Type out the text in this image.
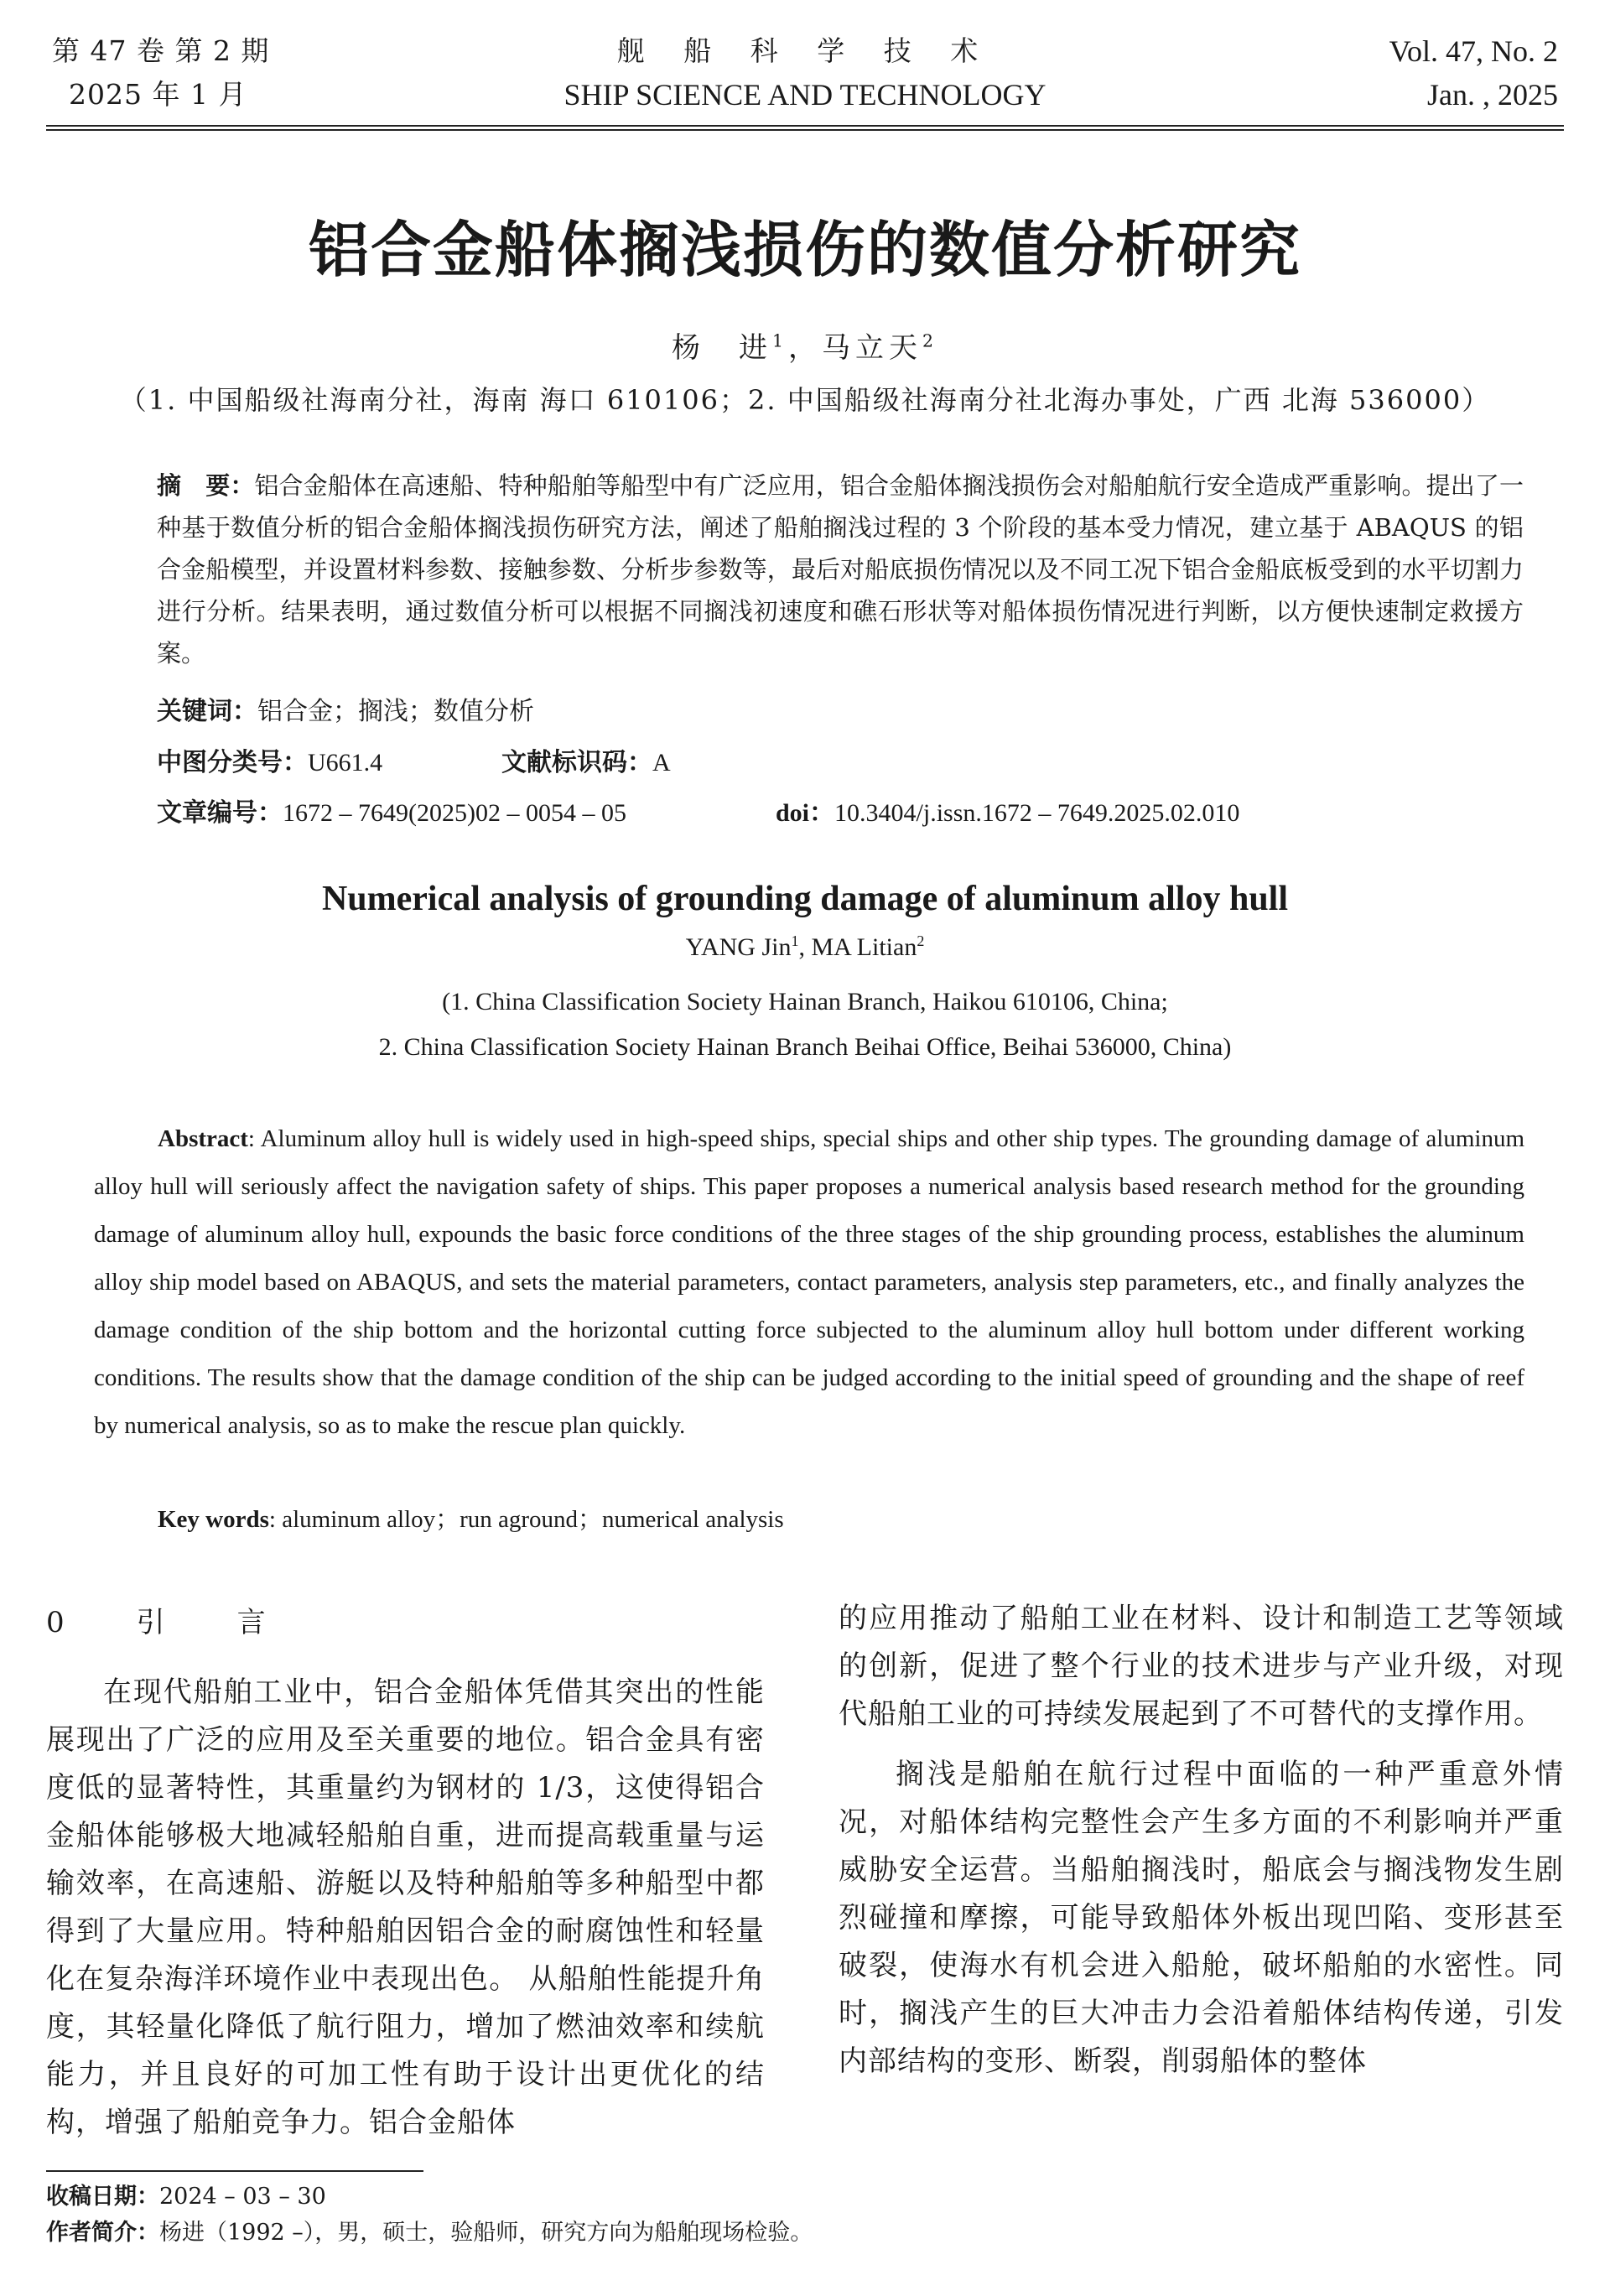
第 47 卷 第 2 期
2025 年 1 月
舰 船 科 学 技 术
SHIP SCIENCE AND TECHNOLOGY
Vol. 47, No. 2
Jan. , 2025
铝合金船体搁浅损伤的数值分析研究
杨　进$^1$，马立天$^2$
（1. 中国船级社海南分社，海南 海口 610106；2. 中国船级社海南分社北海办事处，广西 北海 536000）
摘　要：铝合金船体在高速船、特种船舶等船型中有广泛应用，铝合金船体搁浅损伤会对船舶航行安全造成严重影响。提出了一种基于数值分析的铝合金船体搁浅损伤研究方法，阐述了船舶搁浅过程的 3 个阶段的基本受力情况，建立基于 ABAQUS 的铝合金船模型，并设置材料参数、接触参数、分析步参数等，最后对船底损伤情况以及不同工况下铝合金船底板受到的水平切割力进行分析。结果表明，通过数值分析可以根据不同搁浅初速度和礁石形状等对船体损伤情况进行判断，以方便快速制定救援方案。
关键词：铝合金；搁浅；数值分析
中图分类号：U661.4	文献标识码：A
文章编号：1672 – 7649(2025)02 – 0054 – 05	doi：10.3404/j.issn.1672 – 7649.2025.02.010
Numerical analysis of grounding damage of aluminum alloy hull
YANG Jin$^1$, MA Litian$^2$
(1. China Classification Society Hainan Branch, Haikou 610106, China;
2. China Classification Society Hainan Branch Beihai Office, Beihai 536000, China)
Abstract: Aluminum alloy hull is widely used in high-speed ships, special ships and other ship types. The grounding damage of aluminum alloy hull will seriously affect the navigation safety of ships. This paper proposes a numerical analysis based research method for the grounding damage of aluminum alloy hull, expounds the basic force conditions of the three stages of the ship grounding process, establishes the aluminum alloy ship model based on ABAQUS, and sets the material parameters, contact parameters, analysis step parameters, etc., and finally analyzes the damage condition of the ship bottom and the horizontal cutting force subjected to the aluminum alloy hull bottom under different working conditions. The results show that the damage condition of the ship can be judged according to the initial speed of grounding and the shape of reef by numerical analysis, so as to make the rescue plan quickly.
Key words: aluminum alloy；run aground；numerical analysis
0　引　言

在现代船舶工业中，铝合金船体凭借其突出的性能展现出了广泛的应用及至关重要的地位。铝合金具有密度低的显著特性，其重量约为钢材的 1/3，这使得铝合金船体能够极大地减轻船舶自重，进而提高载重量与运输效率，在高速船、游艇以及特种船舶等多种船型中都得到了大量应用。特种船舶因铝合金的耐腐蚀性和轻量化在复杂海洋环境作业中表现出色。 从船舶性能提升角度，其轻量化降低了航行阻力，增加了燃油效率和续航能力，并且良好的可加工性有助于设计出更优化的结构，增强了船舶竞争力。铝合金船体

的应用推动了船舶工业在材料、设计和制造工艺等领域的创新，促进了整个行业的技术进步与产业升级，对现代船舶工业的可持续发展起到了不可替代的支撑作用。

搁浅是船舶在航行过程中面临的一种严重意外情况，对船体结构完整性会产生多方面的不利影响并严重威胁安全运营。当船舶搁浅时，船底会与搁浅物发生剧烈碰撞和摩擦，可能导致船体外板出现凹陷、变形甚至破裂，使海水有机会进入船舱，破坏船舶的水密性。同时，搁浅产生的巨大冲击力会沿着船体结构传递，引发内部结构的变形、断裂，削弱船体的整体

收稿日期：2024 – 03 – 30
作者简介：杨进（1992 –），男，硕士，验船师，研究方向为船舶现场检验。
